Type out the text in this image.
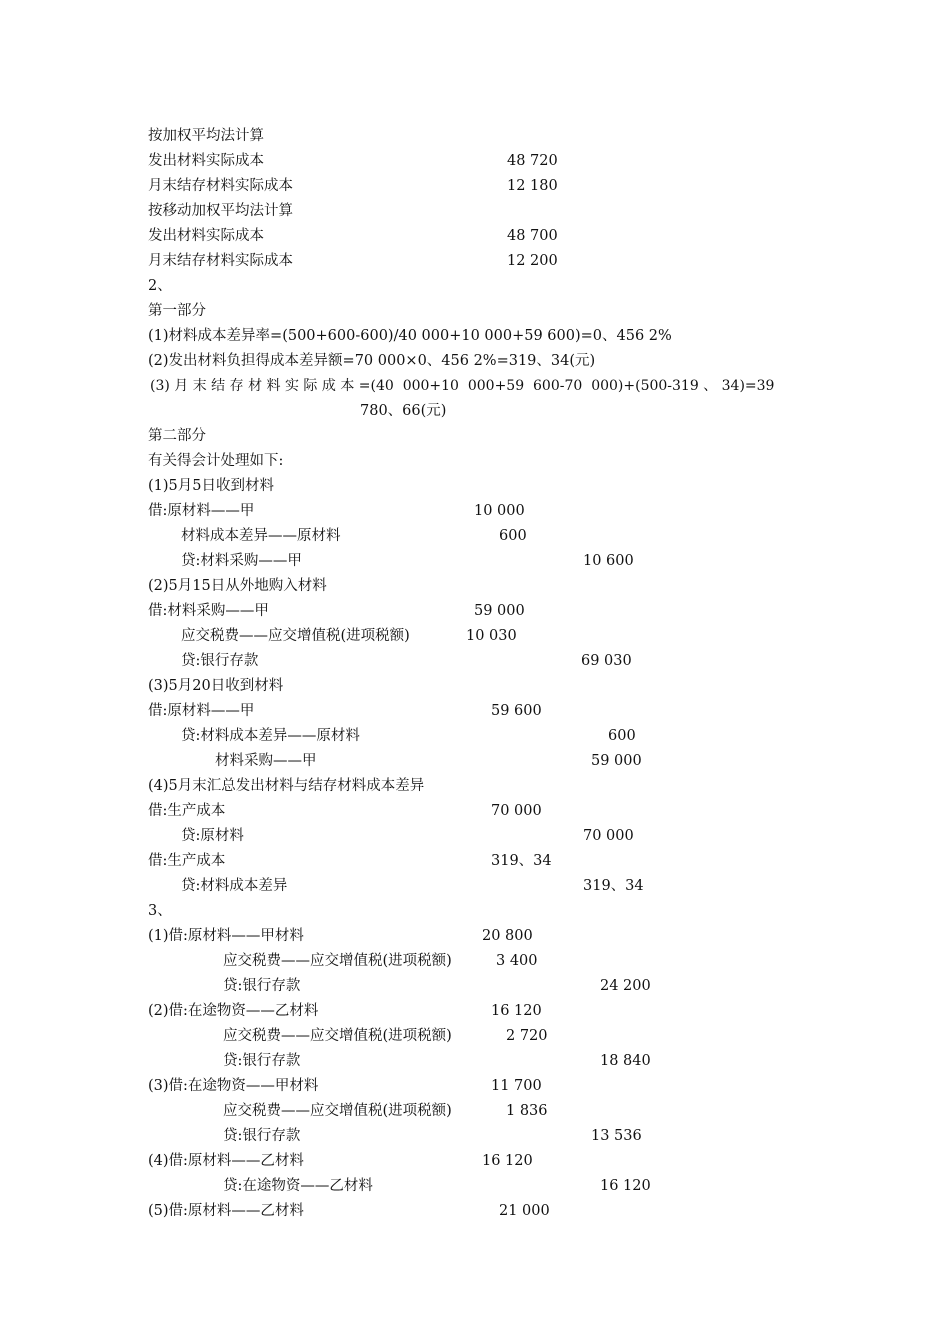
按加权平均法计算

发出材料实际成本

	48 720

月末结存材料实际成本

	12 180

按移动加权平均法计算

发出材料实际成本

	48 700

月末结存材料实际成本

	12 200

2、
第一部分
(1)材料成本差异率=(500+600-600)/40 000+10 000+59 600)=0、456 2%
(2)发出材料负担得成本差异额=70 000×0、456 2%=319、34(元)
(3) 月 末 结 存 材 料 实 际 成 本 =(40  000+10  000+59  600-70  000)+(500-319 、 34)=39
780、66(元)
第二部分
有关得会计处理如下:
(1)5月5日收到材料

借:原材料——甲

	10 000

材料成本差异——原材料

	600

贷:材料采购——甲

	10 600

(2)5月15日从外地购入材料

借:材料采购——甲

	59 000

应交税费——应交增值税(进项税额)

	10 030

贷:银行存款

	69 030

(3)5月20日收到材料

借:原材料——甲

	59 600

贷:材料成本差异——原材料

	600

材料采购——甲

	59 000

(4)5月末汇总发出材料与结存材料成本差异

借:生产成本

	70 000

贷:原材料

	70 000

借:生产成本

	319、34

贷:材料成本差异

	319、34

3、

(1)借:原材料——甲材料

	20 800

应交税费——应交增值税(进项税额)

	3 400

贷:银行存款

	24 200

(2)借:在途物资——乙材料

	16 120

应交税费——应交增值税(进项税额)

	2 720

贷:银行存款

	18 840

(3)借:在途物资——甲材料

	11 700

应交税费——应交增值税(进项税额)

	1 836

贷:银行存款

	13 536

(4)借:原材料——乙材料

	16 120

贷:在途物资——乙材料

	16 120

(5)借:原材料——乙材料

	21 000
